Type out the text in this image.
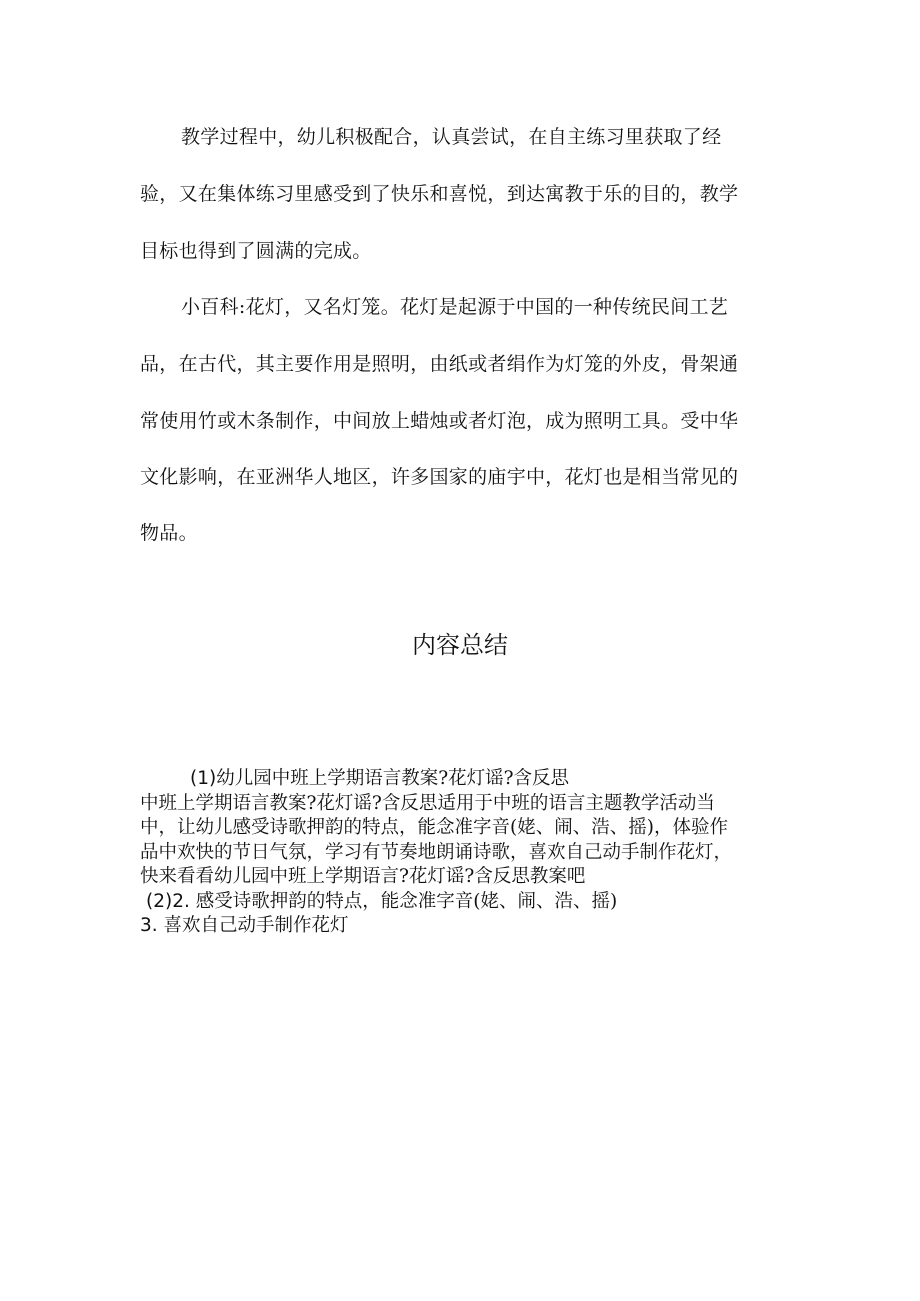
教学过程中，幼儿积极配合，认真尝试，在自主练习里获取了经
验，又在集体练习里感受到了快乐和喜悦，到达寓教于乐的目的，教学
目标也得到了圆满的完成。
小百科:花灯，又名灯笼。花灯是起源于中国的一种传统民间工艺
品，在古代，其主要作用是照明，由纸或者绢作为灯笼的外皮，骨架通
常使用竹或木条制作，中间放上蜡烛或者灯泡，成为照明工具。受中华
文化影响，在亚洲华人地区，许多国家的庙宇中，花灯也是相当常见的
物品。
内容总结
(1)幼儿园中班上学期语言教案?花灯谣?含反思
中班上学期语言教案?花灯谣?含反思适用于中班的语言主题教学活动当
中，让幼儿感受诗歌押韵的特点，能念准字音(姥、闹、浩、摇)，体验作
品中欢快的节日气氛，学习有节奏地朗诵诗歌，喜欢自己动手制作花灯，
快来看看幼儿园中班上学期语言?花灯谣?含反思教案吧
(2)2. 感受诗歌押韵的特点，能念准字音(姥、闹、浩、摇)
3. 喜欢自己动手制作花灯
